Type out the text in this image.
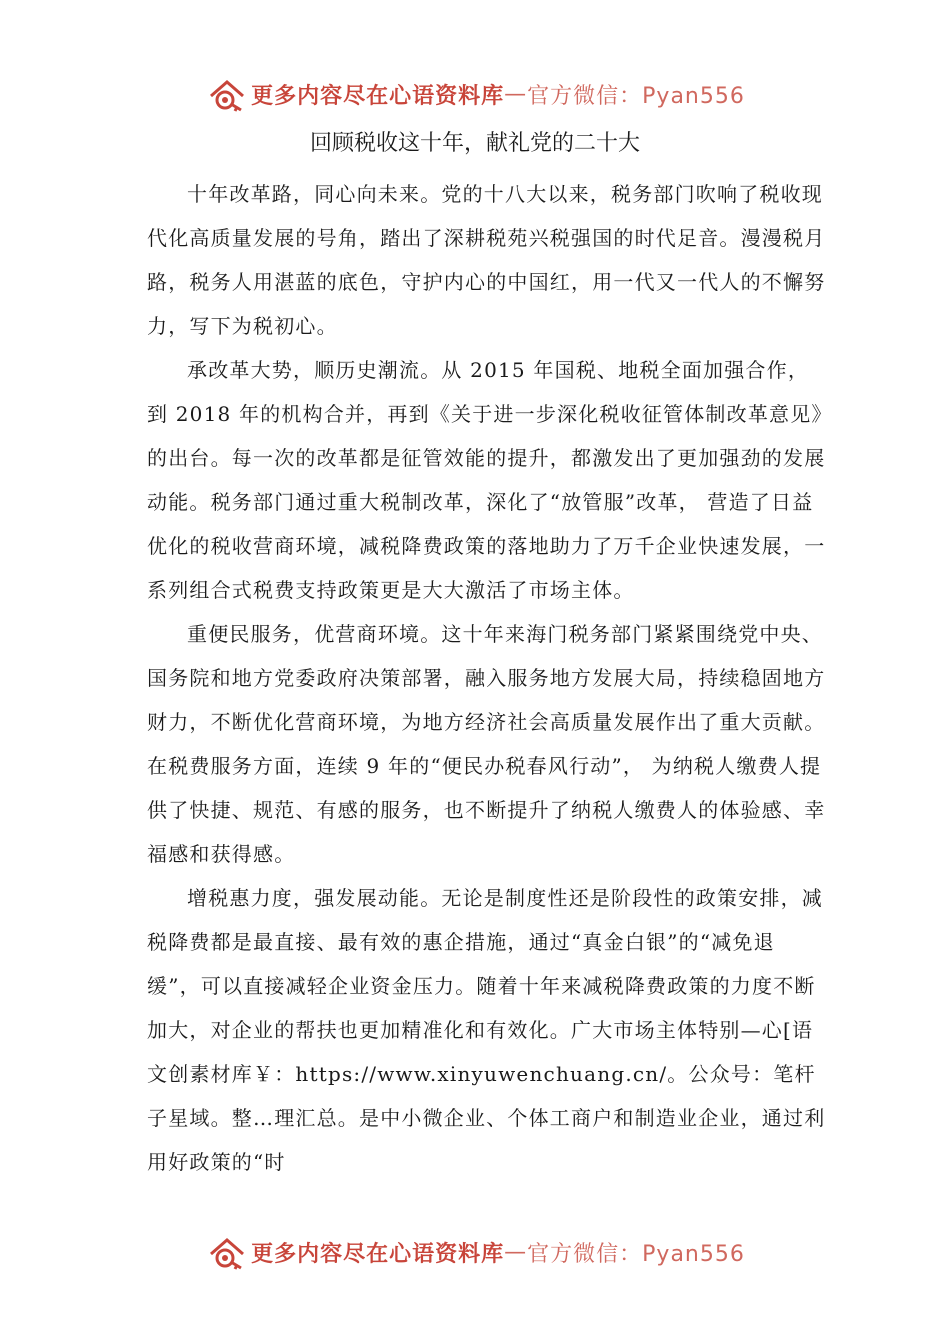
更多内容尽在心语资料库 — 官方微信：Pyan556
回顾税收这十年，献礼党的二十大

十年改革路，同心向未来。党的十八大以来，税务部门吹响了税收现代化高质量发展的号角，踏出了深耕税苑兴税强国的时代足音。漫漫税月路，税务人用湛蓝的底色，守护内心的中国红，用一代又一代人的不懈努力，写下为税初心。

承改革大势，顺历史潮流。从 2015 年国税、地税全面加强合作，到 2018 年的机构合并，再到《关于进一步深化税收征管体制改革意见》的出台。每一次的改革都是征管效能的提升，都激发出了更加强劲的发展动能。税务部门通过重大税制改革，深化了“放管服”改革， 营造了日益优化的税收营商环境，减税降费政策的落地助力了万千企业快速发展，一系列组合式税费支持政策更是大大激活了市场主体。

重便民服务，优营商环境。这十年来海门税务部门紧紧围绕党中央、国务院和地方党委政府决策部署，融入服务地方发展大局，持续稳固地方财力，不断优化营商环境，为地方经济社会高质量发展作出了重大贡献。在税费服务方面，连续 9 年的“便民办税春风行动”， 为纳税人缴费人提供了快捷、规范、有感的服务，也不断提升了纳税人缴费人的体验感、幸福感和获得感。

增税惠力度，强发展动能。无论是制度性还是阶段性的政策安排，减税降费都是最直接、最有效的惠企措施，通过“真金白银”的“减免退缓”，可以直接减轻企业资金压力。随着十年来减税降费政策的力度不断加大，对企业的帮扶也更加精准化和有效化。广大市场主体特别—心[语文创素材库￥：https://www.xinyuwenchuang.cn/。公众号：笔杆子星域。整…理汇总。是中小微企业、个体工商户和制造业企业，通过利用好政策的“时

更多内容尽在心语资料库 — 官方微信：Pyan556
